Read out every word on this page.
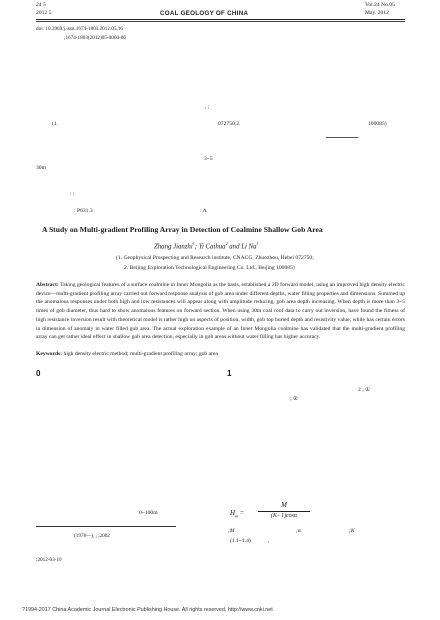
24 5
2012 5	COAL GEOLOGY OF CHINA
Vol.24 No.05
May. 2012
doi: 10.3969/j.issn.1674-1803.2012.05.16
;1674-1803(2012)05-0060-06
, ;
(1.	072750;2.	100085)
3~5
30m
: ;
: P631.3	: A
A Study on Multi-gradient Profiling Array in Detection of Coalmine Shallow Gob Area
Zhang Jianzhi$^1$; Yi Caihua$^2$ and Li Na$^1$
(1. Geophysical Prospecting and Research institute, CNACG, Zhuozhou, Hebei 072750;
2. Beijing Exploration Technological Engineering Co. Ltd., Beijing 100085)
Abstract: Taking geological features of a surface coalmine in Inner Mongolia as the basis, established a 2D forward model, using an improved high density electric device—multi-gradient profiling array carried out forward response analysis of gob area under different depths, water filling properties and dimensions. Summed up the anomalous responses under both high and low resistances will appear along with amplitude reducing, gob area depth increasing. When depth is more than 3~5 times of gob diameter, thus hard to show anomalous features on forward section. When using 30m coal roof data to carry out inversion, have found the fitness of high resistance inversion result with theoretical model is rather high on aspects of position, width, gob top buried depth and resistivity value; while has certain errors in dimension of anomaly in water filled gob area. The actual exploration example of an Inner Mongolia coalmine has validated that the multi-gradient profiling array can get rather ideal effect in shallow gob area detection, especially in gob areas without water filling has higher accuracy.
Keywords: high density electric method; multi-gradient profiling array; gob area
0	1
2 ; ①
; ②
0~100m	$H_m$ =
M
(K−1)cosα
;M	;α	;K
(1.1~1.4)	,
(1978—), , ,2002
;2012-03-10
?1994-2017 China Academic Journal Electronic Publishing House. All rights reserved. http://www.cnki.net
